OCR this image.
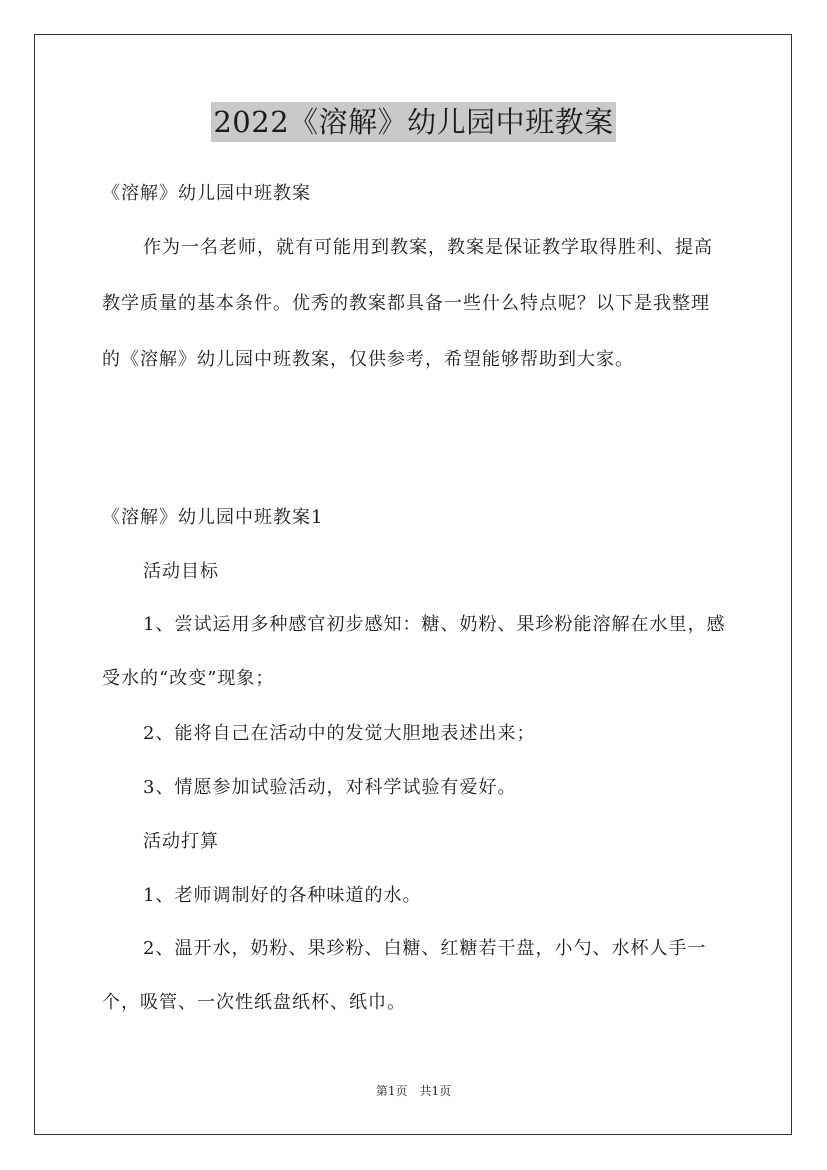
2022《溶解》幼儿园中班教案

《溶解》幼儿园中班教案

作为一名老师，就有可能用到教案，教案是保证教学取得胜利、提高教学质量的基本条件。优秀的教案都具备一些什么特点呢？以下是我整理的《溶解》幼儿园中班教案，仅供参考，希望能够帮助到大家。

《溶解》幼儿园中班教案1

活动目标

1、尝试运用多种感官初步感知：糖、奶粉、果珍粉能溶解在水里，感受水的“改变”现象；

2、能将自己在活动中的发觉大胆地表述出来；

3、情愿参加试验活动，对科学试验有爱好。

活动打算

1、老师调制好的各种味道的水。

2、温开水，奶粉、果珍粉、白糖、红糖若干盘，小勺、水杯人手一个，吸管、一次性纸盘纸杯、纸巾。

第1页　共1页
